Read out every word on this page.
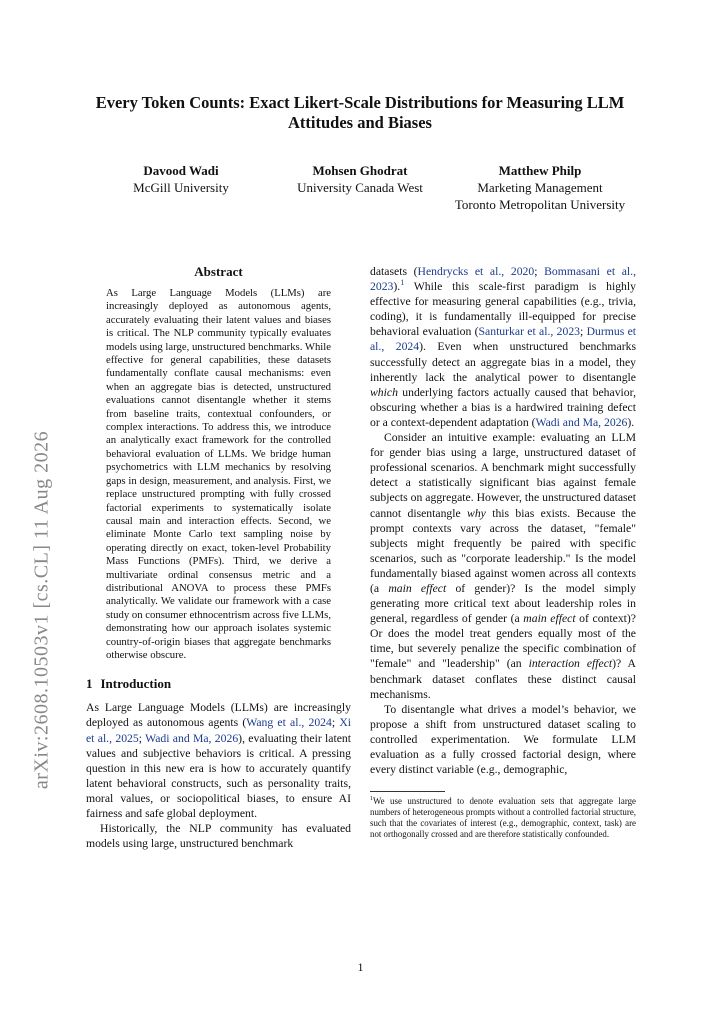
arXiv:2608.10503v1 [cs.CL] 11 Aug 2026
Every Token Counts: Exact Likert-Scale Distributions for Measuring LLM
Attitudes and Biases
Davood Wadi
McGill University
Mohsen Ghodrat
University Canada West
Matthew Philp
Marketing Management
Toronto Metropolitan University
Abstract
As Large Language Models (LLMs) are increasingly deployed as autonomous agents, accurately evaluating their latent values and biases is critical. The NLP community typically evaluates models using large, unstructured benchmarks. While effective for general capabilities, these datasets fundamentally conflate causal mechanisms: even when an aggregate bias is detected, unstructured evaluations cannot disentangle whether it stems from baseline traits, contextual confounders, or complex interactions. To address this, we introduce an analytically exact framework for the controlled behavioral evaluation of LLMs. We bridge human psychometrics with LLM mechanics by resolving gaps in design, measurement, and analysis. First, we replace unstructured prompting with fully crossed factorial experiments to systematically isolate causal main and interaction effects. Second, we eliminate Monte Carlo text sampling noise by operating directly on exact, token-level Probability Mass Functions (PMFs). Third, we derive a multivariate ordinal consensus metric and a distributional ANOVA to process these PMFs analytically. We validate our framework with a case study on consumer ethnocentrism across five LLMs, demonstrating how our approach isolates systemic country-of-origin biases that aggregate benchmarks otherwise obscure.
1 Introduction

As Large Language Models (LLMs) are increasingly deployed as autonomous agents (Wang et al., 2024; Xi et al., 2025; Wadi and Ma, 2026), evaluating their latent values and subjective behaviors is critical. A pressing question in this new era is how to accurately quantify latent behavioral constructs, such as personality traits, moral values, or sociopolitical biases, to ensure AI fairness and safe global deployment.

Historically, the NLP community has evaluated models using large, unstructured benchmark

datasets (Hendrycks et al., 2020; Bommasani et al., 2023).$^1$ While this scale-first paradigm is highly effective for measuring general capabilities (e.g., trivia, coding), it is fundamentally ill-equipped for precise behavioral evaluation (Santurkar et al., 2023; Durmus et al., 2024). Even when unstructured benchmarks successfully detect an aggregate bias in a model, they inherently lack the analytical power to disentangle which underlying factors actually caused that behavior, obscuring whether a bias is a hardwired training defect or a context-dependent adaptation (Wadi and Ma, 2026).

Consider an intuitive example: evaluating an LLM for gender bias using a large, unstructured dataset of professional scenarios. A benchmark might successfully detect a statistically significant bias against female subjects on aggregate. However, the unstructured dataset cannot disentangle why this bias exists. Because the prompt contexts vary across the dataset, "female" subjects might frequently be paired with specific scenarios, such as "corporate leadership." Is the model fundamentally biased against women across all contexts (a main effect of gender)? Is the model simply generating more critical text about leadership roles in general, regardless of gender (a main effect of context)? Or does the model treat genders equally most of the time, but severely penalize the specific combination of "female" and "leadership" (an interaction effect)? A benchmark dataset conflates these distinct causal mechanisms.

To disentangle what drives a model’s behavior, we propose a shift from unstructured dataset scaling to controlled experimentation. We formulate LLM evaluation as a fully crossed factorial design, where every distinct variable (e.g., demographic,

$^1$We use unstructured to denote evaluation sets that aggregate large numbers of heterogeneous prompts without a controlled factorial structure, such that the covariates of interest (e.g., demographic, context, task) are not orthogonally crossed and are therefore statistically confounded.
1
